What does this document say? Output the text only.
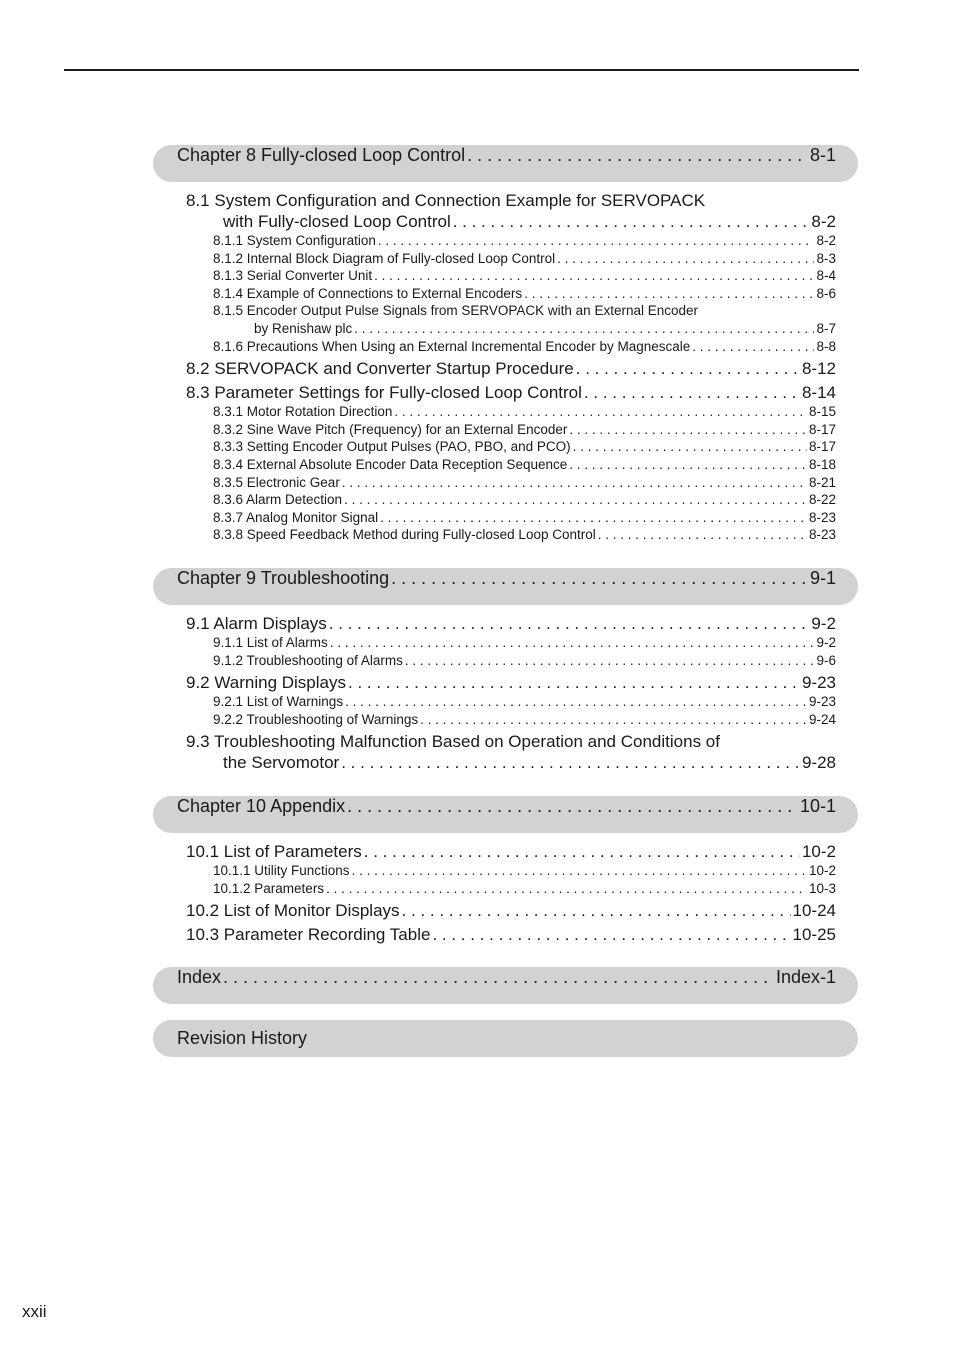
Chapter 8 Fully-closed Loop Control . . .	8-1
8.1 System Configuration and Connection Example for SERVOPACK
with Fully-closed Loop Control . . .	8-2
8.1.1 System Configuration . . .	8-2
8.1.2 Internal Block Diagram of Fully-closed Loop Control . . .	8-3
8.1.3 Serial Converter Unit . . .	8-4
8.1.4 Example of Connections to External Encoders . . .	8-6
8.1.5 Encoder Output Pulse Signals from SERVOPACK with an External Encoder
by Renishaw plc . . .	8-7
8.1.6 Precautions When Using an External Incremental Encoder by Magnescale . . .	8-8
8.2 SERVOPACK and Converter Startup Procedure . . .	8-12
8.3 Parameter Settings for Fully-closed Loop Control . . .	8-14
8.3.1 Motor Rotation Direction . . .	8-15
8.3.2 Sine Wave Pitch (Frequency) for an External Encoder . . .	8-17
8.3.3 Setting Encoder Output Pulses (PAO, PBO, and PCO) . . .	8-17
8.3.4 External Absolute Encoder Data Reception Sequence . . .	8-18
8.3.5 Electronic Gear . . .	8-21
8.3.6 Alarm Detection . . .	8-22
8.3.7 Analog Monitor Signal . . .	8-23
8.3.8 Speed Feedback Method during Fully-closed Loop Control . . .	8-23
Chapter 9 Troubleshooting . . .	9-1
9.1 Alarm Displays . . .	9-2
9.1.1 List of Alarms . . .	9-2
9.1.2 Troubleshooting of Alarms . . .	9-6
9.2 Warning Displays . . .	9-23
9.2.1 List of Warnings . . .	9-23
9.2.2 Troubleshooting of Warnings . . .	9-24
9.3 Troubleshooting Malfunction Based on Operation and Conditions of
the Servomotor . . .	9-28
Chapter 10 Appendix . . .	10-1
10.1 List of Parameters . . .	10-2
10.1.1 Utility Functions . . .	10-2
10.1.2 Parameters . . .	10-3
10.2 List of Monitor Displays . . .	10-24
10.3 Parameter Recording Table . . .	10-25
Index . . .	Index-1
Revision History
xxii
